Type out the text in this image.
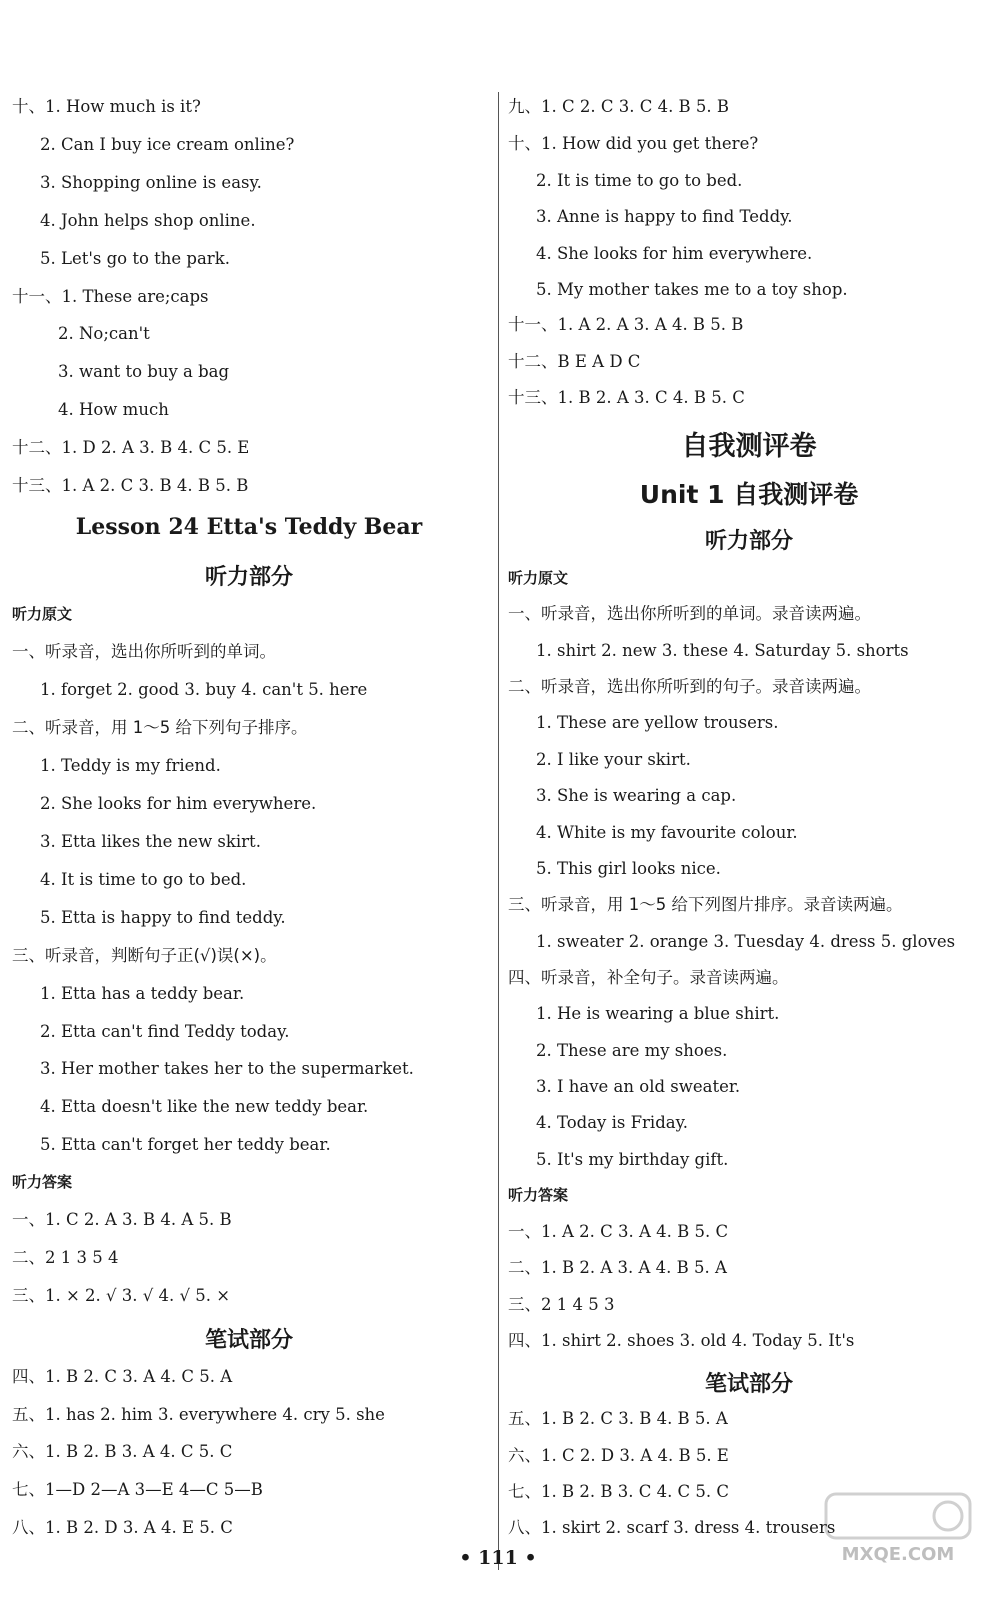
Lesson 24 Etta's Teddy Bear
听力部分
听力原文
听力答案
笔试部分
十、1. How much is it?
2. Can I buy ice cream online?
3. Shopping online is easy.
4. John helps shop online.
5. Let's go to the park.
十一、1. These are;caps
2. No;can't
3. want to buy a bag
4. How much
十二、1. D 2. A 3. B 4. C 5. E
十三、1. A 2. C 3. B 4. B 5. B
一、听录音，选出你所听到的单词。
1. forget 2. good 3. buy 4. can't 5. here
二、听录音，用 1～5 给下列句子排序。
1. Teddy is my friend.
2. She looks for him everywhere.
3. Etta likes the new skirt.
4. It is time to go to bed.
5. Etta is happy to find teddy.
三、听录音，判断句子正(√)误(×)。
1. Etta has a teddy bear.
2. Etta can't find Teddy today.
3. Her mother takes her to the supermarket.
4. Etta doesn't like the new teddy bear.
5. Etta can't forget her teddy bear.
一、1. C 2. A 3. B 4. A 5. B
二、2 1 3 5 4
三、1. × 2. √ 3. √ 4. √ 5. ×
四、1. B 2. C 3. A 4. C 5. A
五、1. has 2. him 3. everywhere 4. cry 5. she
六、1. B 2. B 3. A 4. C 5. C
七、1—D 2—A 3—E 4—C 5—B
八、1. B 2. D 3. A 4. E 5. C
自我测评卷
Unit 1 自我测评卷
听力部分
听力原文
听力答案
笔试部分
九、1. C 2. C 3. C 4. B 5. B
十、1. How did you get there?
2. It is time to go to bed.
3. Anne is happy to find Teddy.
4. She looks for him everywhere.
5. My mother takes me to a toy shop.
十一、1. A 2. A 3. A 4. B 5. B
十二、B E A D C
十三、1. B 2. A 3. C 4. B 5. C
一、听录音，选出你所听到的单词。录音读两遍。
1. shirt 2. new 3. these 4. Saturday 5. shorts
二、听录音，选出你所听到的句子。录音读两遍。
1. These are yellow trousers.
2. I like your skirt.
3. She is wearing a cap.
4. White is my favourite colour.
5. This girl looks nice.
三、听录音，用 1～5 给下列图片排序。录音读两遍。
1. sweater 2. orange 3. Tuesday 4. dress 5. gloves
四、听录音，补全句子。录音读两遍。
1. He is wearing a blue shirt.
2. These are my shoes.
3. I have an old sweater.
4. Today is Friday.
5. It's my birthday gift.
一、1. A 2. C 3. A 4. B 5. C
二、1. B 2. A 3. A 4. B 5. A
三、2 1 4 5 3
四、1. shirt 2. shoes 3. old 4. Today 5. It's
五、1. B 2. C 3. B 4. B 5. A
六、1. C 2. D 3. A 4. B 5. E
七、1. B 2. B 3. C 4. C 5. C
八、1. skirt 2. scarf 3. dress 4. trousers
• 111 •	MXQE.COM
